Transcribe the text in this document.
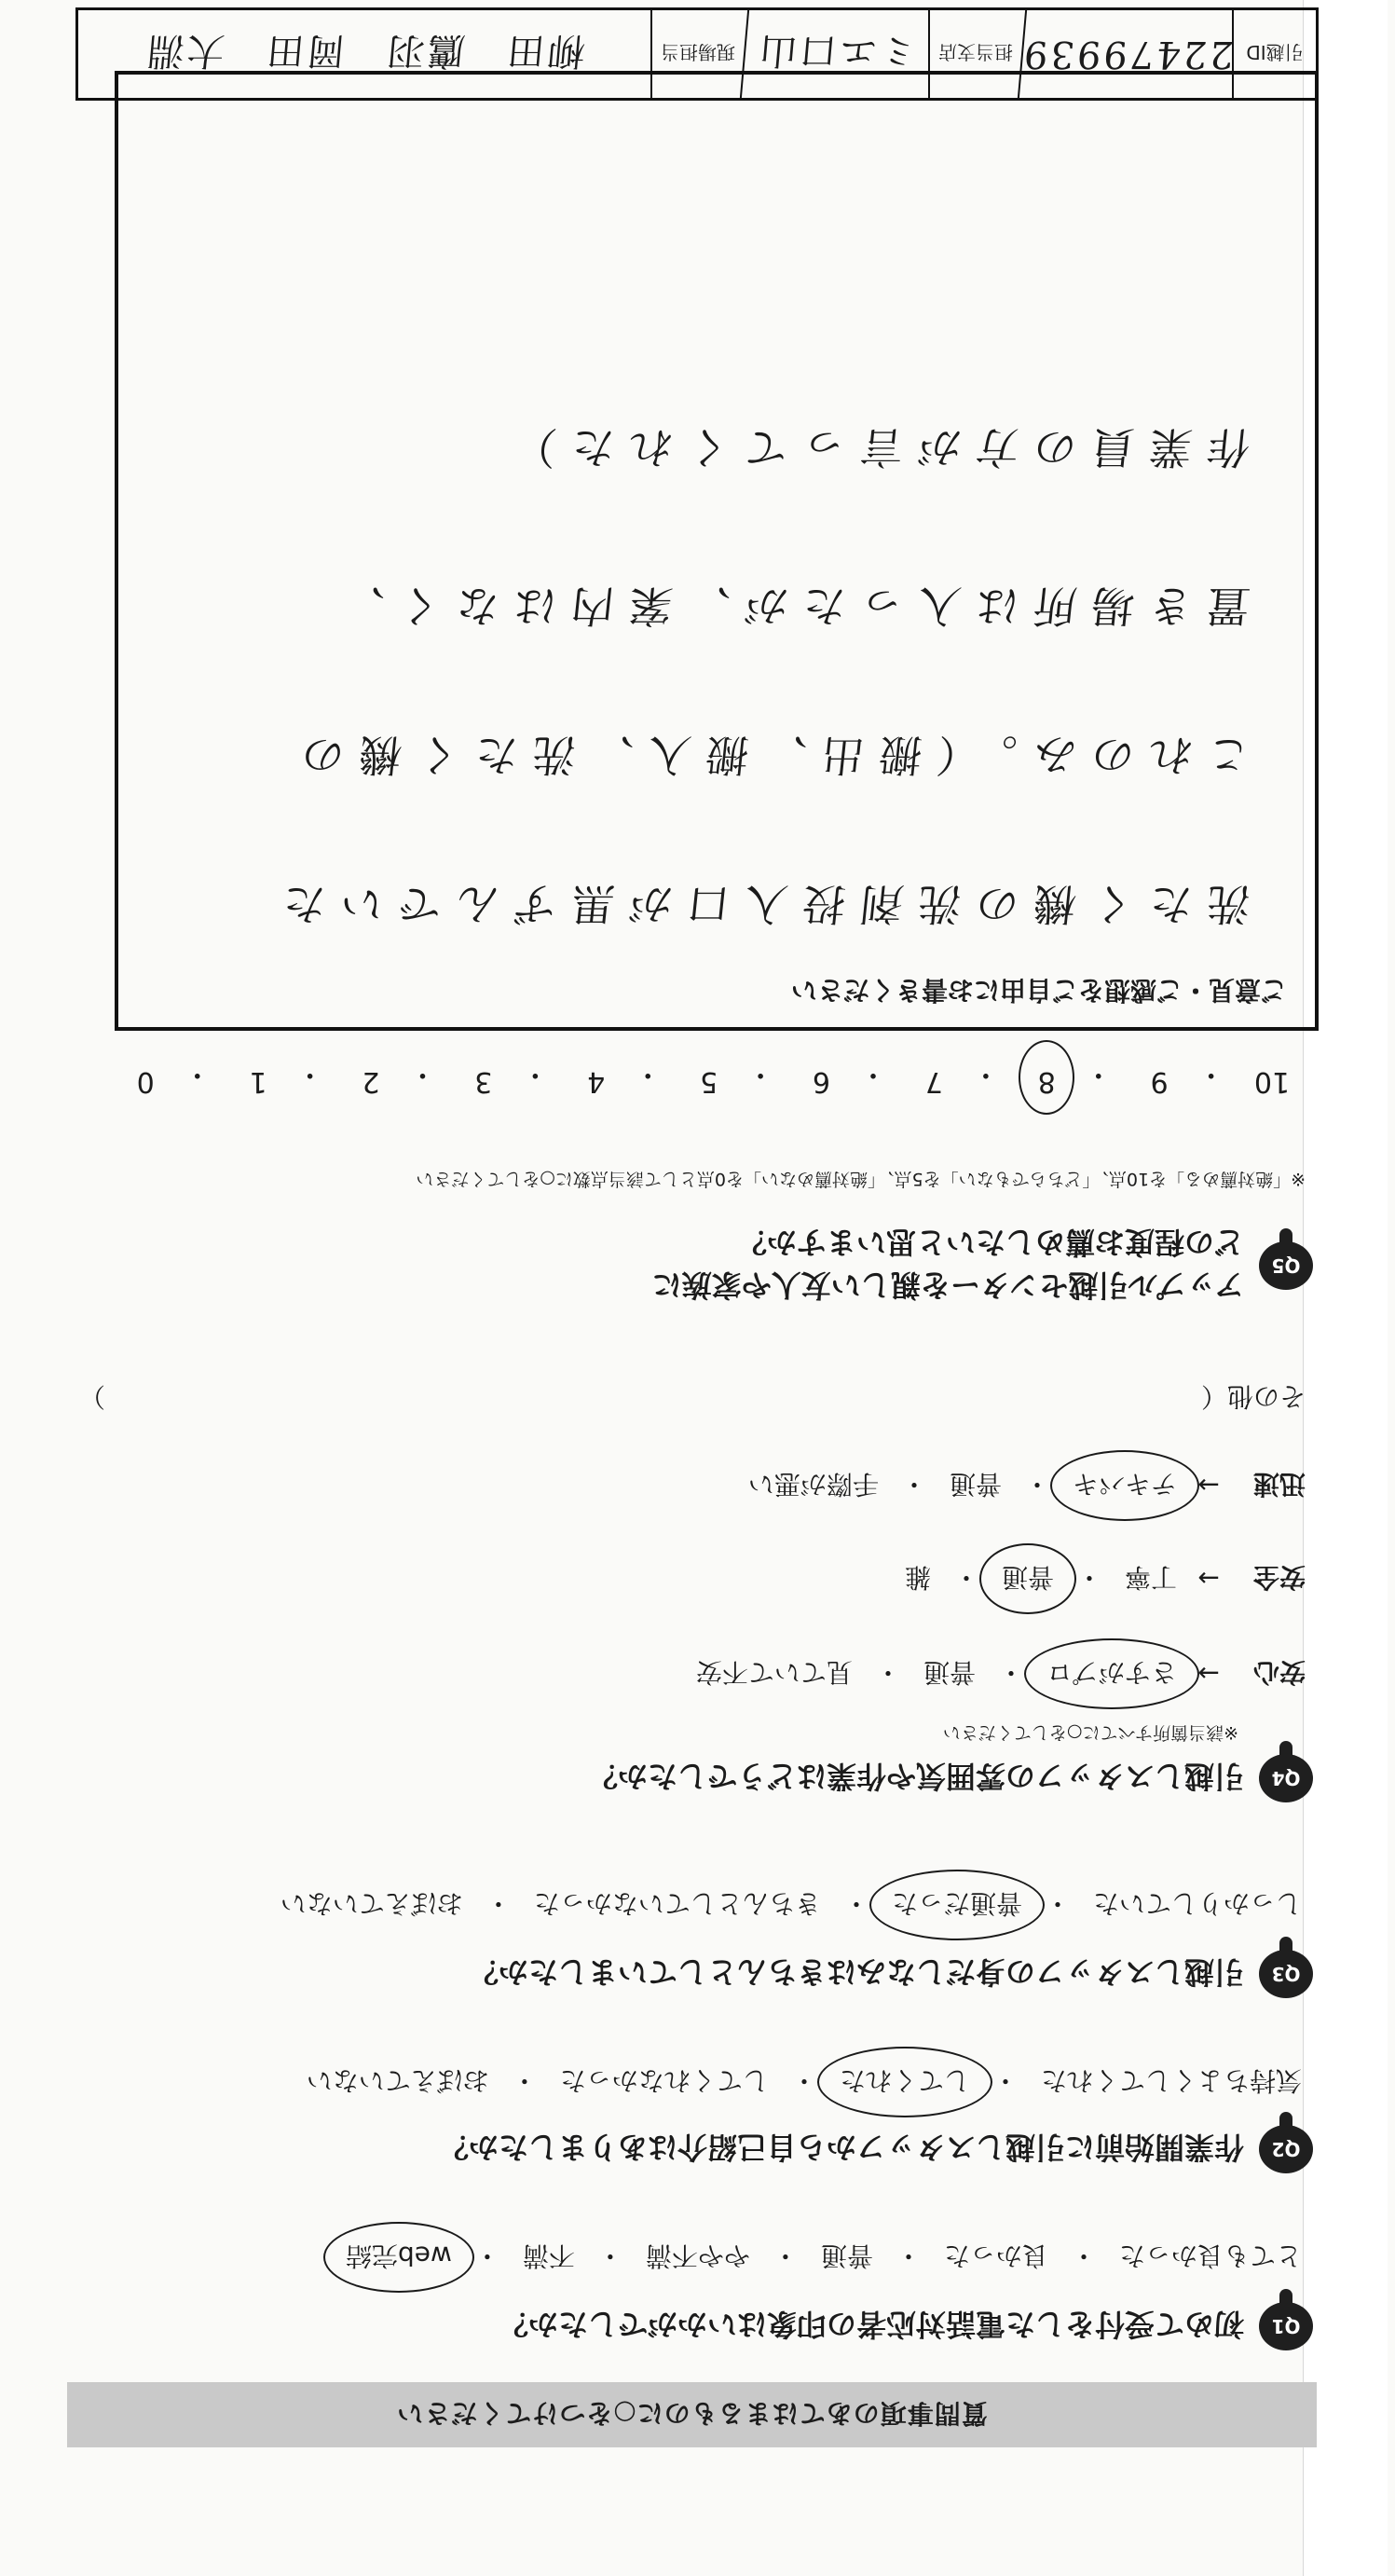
質問事項のあてはまるものに○をつけてください
Q1
初めて受付をした電話対応者の印象はいかがでしたか？
とても良かった
・
良かった
・
普通
・
やや不満
・
不満
・
web完結
Q2
作業開始前に引越しスタッフから自己紹介はありましたか？
気持ちよくしてくれた
・
してくれた
・
してくれなかった
・
おぼえていない
Q3
引越しスタッフの身だしなみはきちんとしていましたか？
しっかりしていた
・
普通だった
・
きちんとしていなかった
・
おぼえていない
Q4
引越しスタッフの雰囲気や作業はどうでしたか？
※該当箇所すべてに○をしてください
安心
→
さすがプロ
・
普通
・
見ていて不安
安全
→
丁寧
・
普通
・
雑
迅速
→
テキパキ
・
普通
・
手際が悪い
その他（
）
Q5
アップル引越センターを親しい友人や家族に
どの程度お薦めしたいと思いますか？
※「絶対薦める」を10点、「どちらでもない」を5点、「絶対薦めない」を0点として該当点数に○をしてください
10
・
9
・
8
・
7
・
6
・
5
・
4
・
3
・
2
・
1
・
0
ご意見・ご感想をご自由にお書きください
洗たく機の洗剤投入口が黒ずんでいた
これのみ。（搬出、搬入、洗たく機の
置き場所は入ったが、案内はなく、
作業員の方が言ってくれた）
引越ID
22479939
担当支店
ミエ口山
現場担当
柳田　鷹羽　岡田　大淵
